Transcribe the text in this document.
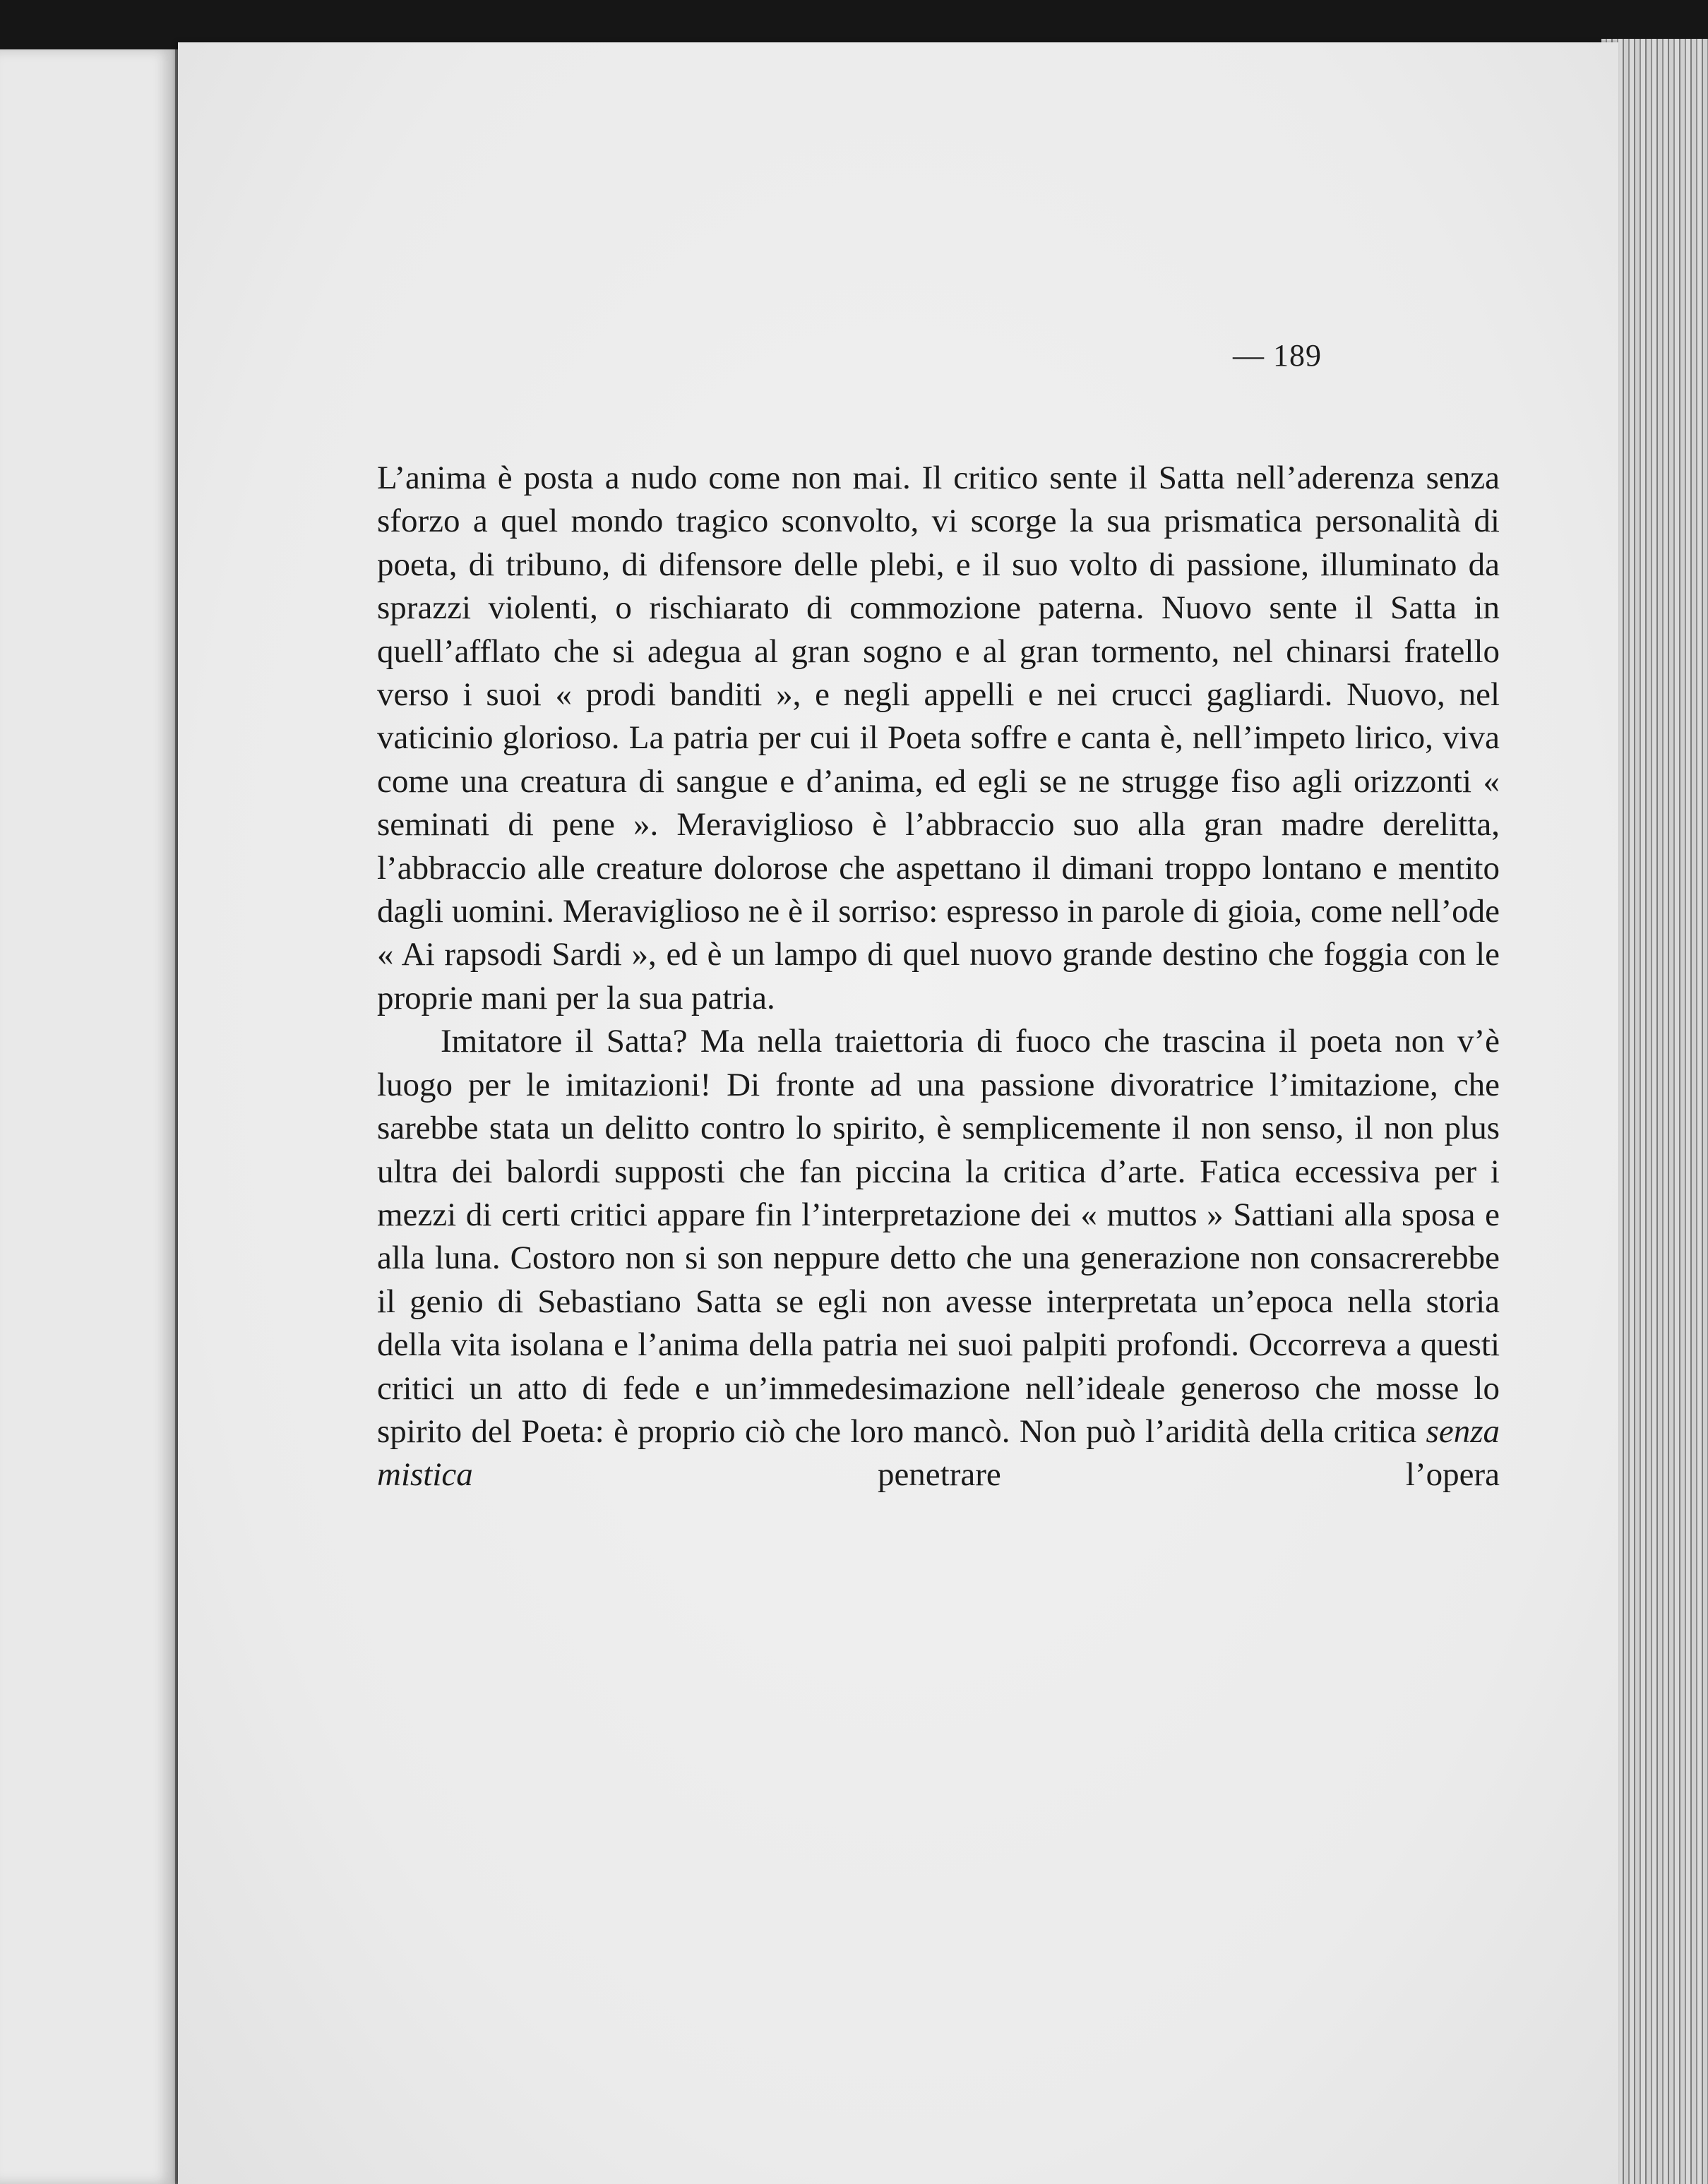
— 189

L’anima è posta a nudo come non mai. Il critico sente il Satta nell’aderenza senza sforzo a quel mondo tragico sconvolto, vi scorge la sua prismatica personalità di poeta, di tribuno, di difensore delle plebi, e il suo volto di passione, illuminato da sprazzi violenti, o rischiarato di commozione paterna. Nuovo sente il Satta in quell’afflato che si adegua al gran sogno e al gran tormento, nel chinarsi fratello verso i suoi « prodi banditi », e negli appelli e nei crucci gagliardi. Nuovo, nel vaticinio glorioso. La patria per cui il Poeta soffre e canta è, nell’impeto lirico, viva come una creatura di sangue e d’anima, ed egli se ne strugge fiso agli orizzonti « seminati di pene ». Meraviglioso è l’abbraccio suo alla gran madre derelitta, l’abbraccio alle creature dolorose che aspettano il dimani troppo lontano e mentito dagli uomini. Meraviglioso ne è il sorriso: espresso in parole di gioia, come nell’ode « Ai rapsodi Sardi », ed è un lampo di quel nuovo grande destino che foggia con le proprie mani per la sua patria.

Imitatore il Satta? Ma nella traiettoria di fuoco che trascina il poeta non v’è luogo per le imitazioni! Di fronte ad una passione divoratrice l’imitazione, che sarebbe stata un delitto contro lo spirito, è semplicemente il non senso, il non plus ultra dei balordi supposti che fan piccina la critica d’arte. Fatica eccessiva per i mezzi di certi critici appare fin l’interpretazione dei « muttos » Sattiani alla sposa e alla luna. Costoro non si son neppure detto che una generazione non consacrerebbe il genio di Sebastiano Satta se egli non avesse interpretata un’epoca nella storia della vita isolana e l’anima della patria nei suoi palpiti profondi. Occorreva a questi critici un atto di fede e un’immedesimazione nell’ideale generoso che mosse lo spirito del Poeta: è proprio ciò che loro mancò. Non può l’aridità della critica senza mistica penetrare l’opera
